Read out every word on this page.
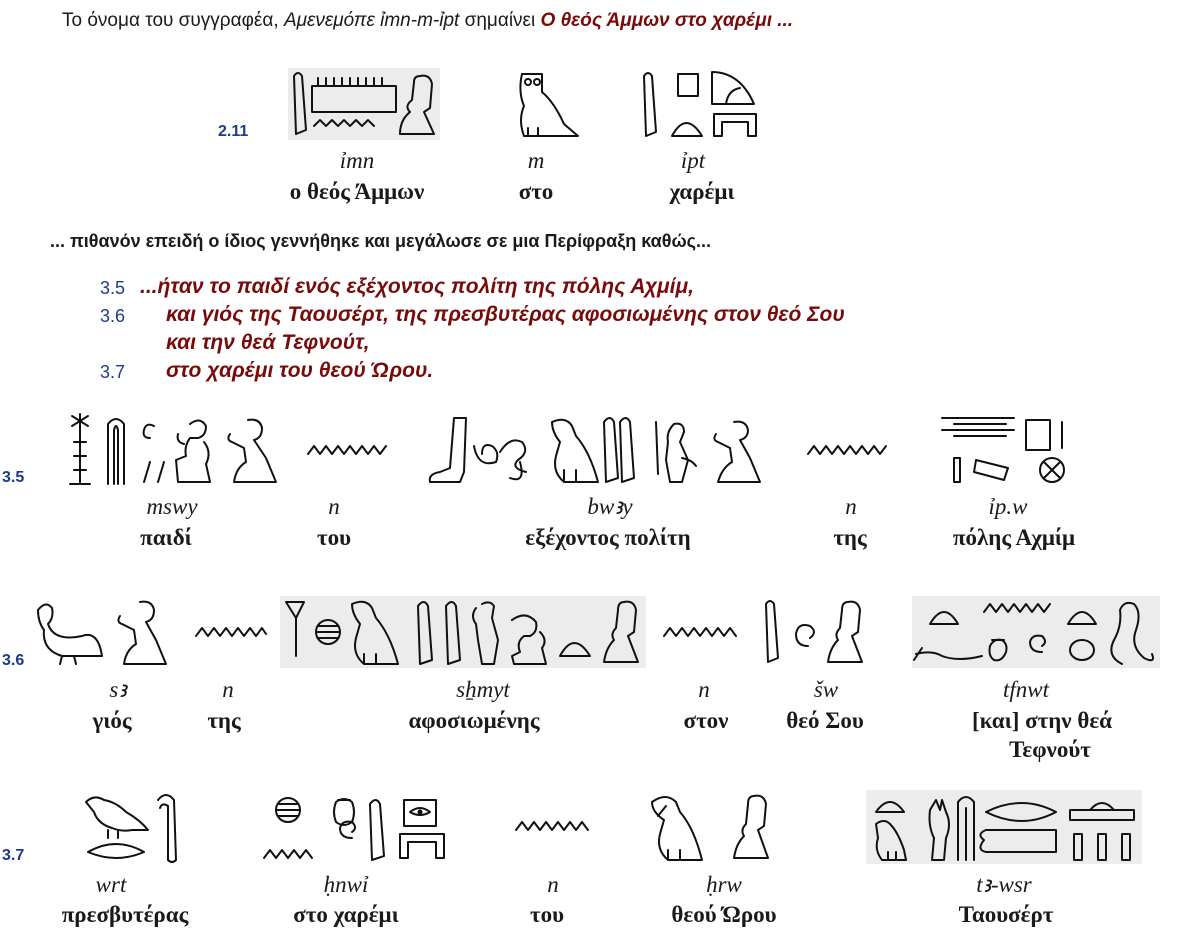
Το όνομα του συγγραφέα, Αμενεμόπε ỉmn-m-ỉpt σημαίνει Ο θεός Άμμων στο χαρέμι ...
2.11
ỉmn	m	ỉpt
ο θεός Άμμων	στο	χαρέμι
... πιθανόν επειδή ο ίδιος γεννήθηκε και μεγάλωσε σε μια Περίφραξη καθώς...
3.5 ...ήταν το παιδί ενός εξέχοντος πολίτη της πόλης Αχμίμ,
3.6 και γιός της Ταουσέρτ, της πρεσβυτέρας αφοσιωμένης στον θεό Σου
και την θεά Τεφνούτ,
3.7 στο χαρέμι του θεού Ώρου.
3.5
mswy	n	bwꜣy	n	ỉp.w
παιδί	του	εξέχοντος πολίτη	της	πόλης Αχμίμ
3.6
sꜣ	n	sẖmyt	n	šw	tfnwt
γιός	της	αφοσιωμένης	στον	θεό Σου	[και] στην θεά
Τεφνούτ
3.7
wrt	ḥnwỉ	n	ḥrw	tꜣ-wsr
πρεσβυτέρας	στο χαρέμι	του	θεού Ώρου	Ταουσέρτ
